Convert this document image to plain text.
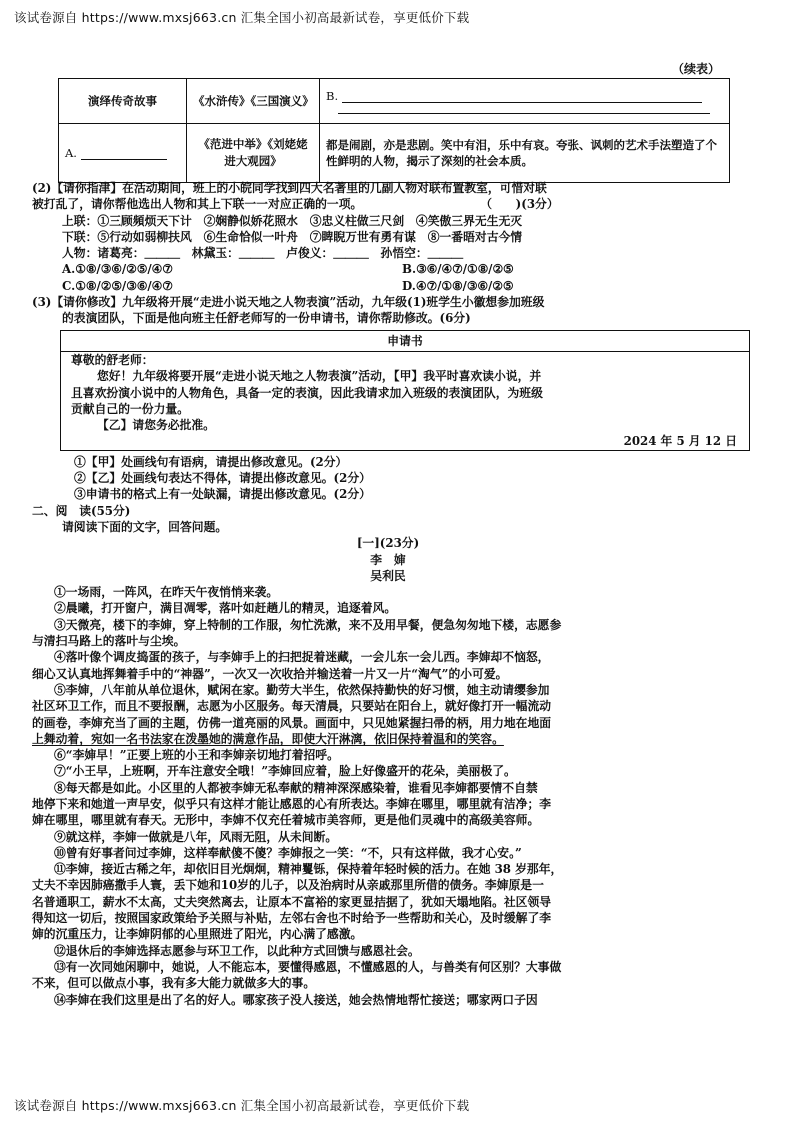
该试卷源自 https://www.mxsj663.cn 汇集全国小初高最新试卷，享更低价下载
（续表）
演绎传奇故事	《水浒传》《三国演义》	B.

A.	《范进中举》《刘姥姥进大观园》	都是闹剧，亦是悲剧。笑中有泪，乐中有哀。夸张、讽刺的艺术手法塑造了个性鲜明的人物，揭示了深刻的社会本质。

(2)【请你指津】在活动期间，班上的小皖同学找到四大名著里的几副人物对联布置教室，可惜对联

被打乱了，请你帮他选出人物和其上下联一一对应正确的一项。　　　　　　　　　　　（　　)(3分）

上联：①三顾頻烦天下计　②娴静似娇花照水　③忠义柱做三尺剑　④笑傲三界无生无灭

下联：⑤行动如弱柳扶风　⑥生命恰似一叶舟　⑦睥睨万世有勇有谋　⑧一番晤对古今情

人物：诸葛亮：＿＿＿　林黛玉：＿＿＿　卢俊义：＿＿＿　孙悟空：＿＿＿

A.①⑧/③⑥/②⑤/④⑦	B.③⑥/④⑦/①⑧/②⑤

C.①⑧/②⑤/③⑥/④⑦	D.④⑦/①⑧/③⑥/②⑤

(3)【请你修改】九年级将开展“走进小说天地之人物表演”活动，九年级(1)班学生小徽想参加班级

的表演团队，下面是他向班主任舒老师写的一份申请书，请你帮助修改。(6分)

申请书

尊敬的舒老师：

您好！九年级将要开展“走进小说天地之人物表演”活动，【甲】我平时喜欢读小说，并

且喜欢扮演小说中的人物角色，具备一定的表演，因此我请求加入班级的表演团队，为班级

贡献自己的一份力量。

【乙】请您务必批准。

2024 年 5 月 12 日

①【甲】处画线句有语病，请提出修改意见。(2分）

②【乙】处画线句表达不得体，请提出修改意见。(2分）

③申请书的格式上有一处缺漏，请提出修改意见。(2分）

二、阅　读(55分)

请阅读下面的文字，回答问题。

[一](23分)

李　婶

吴利民

①一场雨，一阵风，在昨天午夜悄悄来袭。

②晨曦，打开窗户，满目凋零，落叶如赶趟儿的精灵，追逐着风。

③天微亮，楼下的李婶，穿上特制的工作服，匆忙洗漱，来不及用早餐，便急匆匆地下楼，志愿参

与清扫马路上的落叶与尘埃。

④落叶像个调皮捣蛋的孩子，与李婶手上的扫把捉着迷藏，一会儿东一会儿西。李婶却不恼怒，

细心又认真地挥舞着手中的“神器”，一次又一次收拾并输送着一片又一片“淘气”的小可爱。

⑤李婶，八年前从单位退休，赋闲在家。勤劳大半生，依然保持勤快的好习惯，她主动请缨参加

社区环卫工作，而且不要报酬，志愿为小区服务。每天清晨，只要站在阳台上，就好像打开一幅流动

的画卷，李婶充当了画的主题，仿佛一道亮丽的风景。画面中，只见她紧握扫帚的柄，用力地在地面

上舞动着，宛如一名书法家在泼墨她的满意作品，即使大汗淋漓，依旧保持着温和的笑容。

⑥“李婶早！”正要上班的小王和李婶亲切地打着招呼。

⑦“小王早，上班啊，开车注意安全哦！”李婶回应着，脸上好像盛开的花朵，美丽极了。

⑧每天都是如此。小区里的人都被李婶无私奉献的精神深深感染着，谁看见李婶都要情不自禁

地停下来和她道一声早安，似乎只有这样才能让感恩的心有所表达。李婶在哪里，哪里就有洁净；李

婶在哪里，哪里就有春天。无形中，李婶不仅充任着城市美容师，更是他们灵魂中的高级美容师。

⑨就这样，李婶一做就是八年，风雨无阻，从未间断。

⑩曾有好事者问过李婶，这样奉献傻不傻？李婶报之一笑：“不，只有这样做，我才心安。”

⑪李婶，接近古稀之年，却依旧目光炯炯，精神矍铄，保持着年轻时候的活力。在她 38 岁那年，

丈夫不幸因肺癌撒手人寰，丢下她和10岁的儿子，以及治病时从亲戚那里所借的债务。李婶原是一

名普通职工，薪水不太高，丈夫突然离去，让原本不富裕的家更显拮据了，犹如天塌地陷。社区领导

得知这一切后，按照国家政策给予关照与补贴，左邻右舍也不时给予一些帮助和关心，及时缓解了李

婶的沉重压力，让李婶阴郁的心里照进了阳光，内心满了感激。

⑫退休后的李婶选择志愿参与环卫工作，以此种方式回馈与感恩社会。

⑬有一次同她闲聊中，她说，人不能忘本，要懂得感恩，不懂感恩的人，与兽类有何区别？大事做

不来，但可以做点小事，我有多大能力就做多大的事。

⑭李婶在我们这里是出了名的好人。哪家孩子没人接送，她会热情地帮忙接送；哪家两口子因

该试卷源自 https://www.mxsj663.cn 汇集全国小初高最新试卷，享更低价下载
